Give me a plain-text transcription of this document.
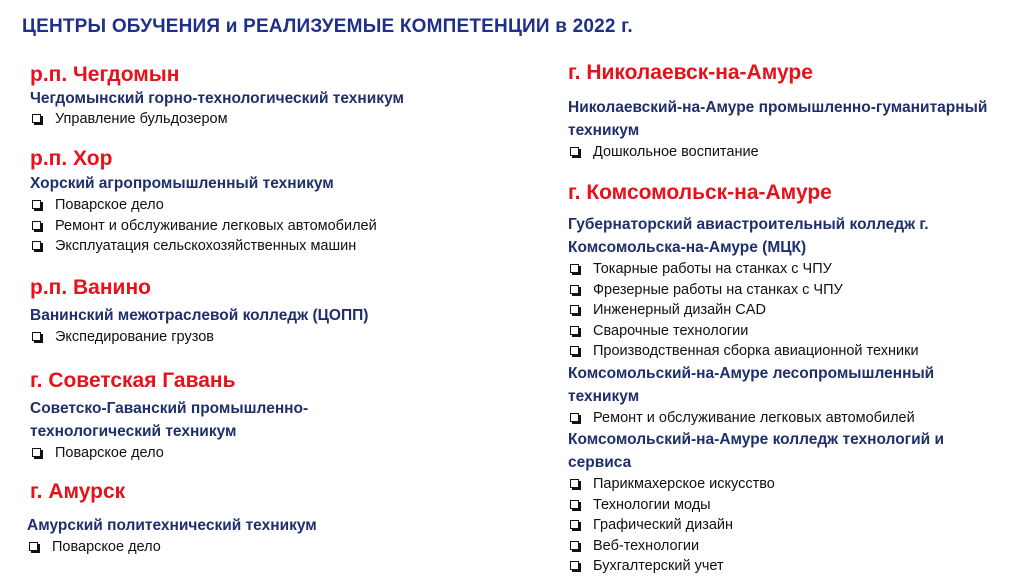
ЦЕНТРЫ ОБУЧЕНИЯ и РЕАЛИЗУЕМЫЕ КОМПЕТЕНЦИИ в 2022 г.
р.п. Чегдомын
Чегдомынский горно-технологический техникум
Управление бульдозером
р.п. Хор
Хорский агропромышленный техникум
Поварское дело
Ремонт и обслуживание легковых автомобилей
Эксплуатация сельскохозяйственных машин
р.п. Ванино
Ванинский межотраслевой колледж (ЦОПП)
Экспедирование грузов
г. Советская Гавань
Советско-Гаванский промышленно-
технологический техникум
Поварское дело
г. Амурск
Амурский политехнический техникум
Поварское дело
г. Николаевск-на-Амуре
Николаевский-на-Амуре промышленно-гуманитарный
техникум
Дошкольное воспитание
г. Комсомольск-на-Амуре
Губернаторский авиастроительный колледж г.
Комсомольска-на-Амуре (МЦК)
Токарные работы на станках с ЧПУ
Фрезерные работы на станках с ЧПУ
Инженерный дизайн CAD
Сварочные технологии
Производственная сборка авиационной техники
Комсомольский-на-Амуре лесопромышленный
техникум
Ремонт и обслуживание легковых автомобилей
Комсомольский-на-Амуре колледж технологий и
сервиса
Парикмахерское искусство
Технологии моды
Графический дизайн
Веб-технологии
Бухгалтерский учет
